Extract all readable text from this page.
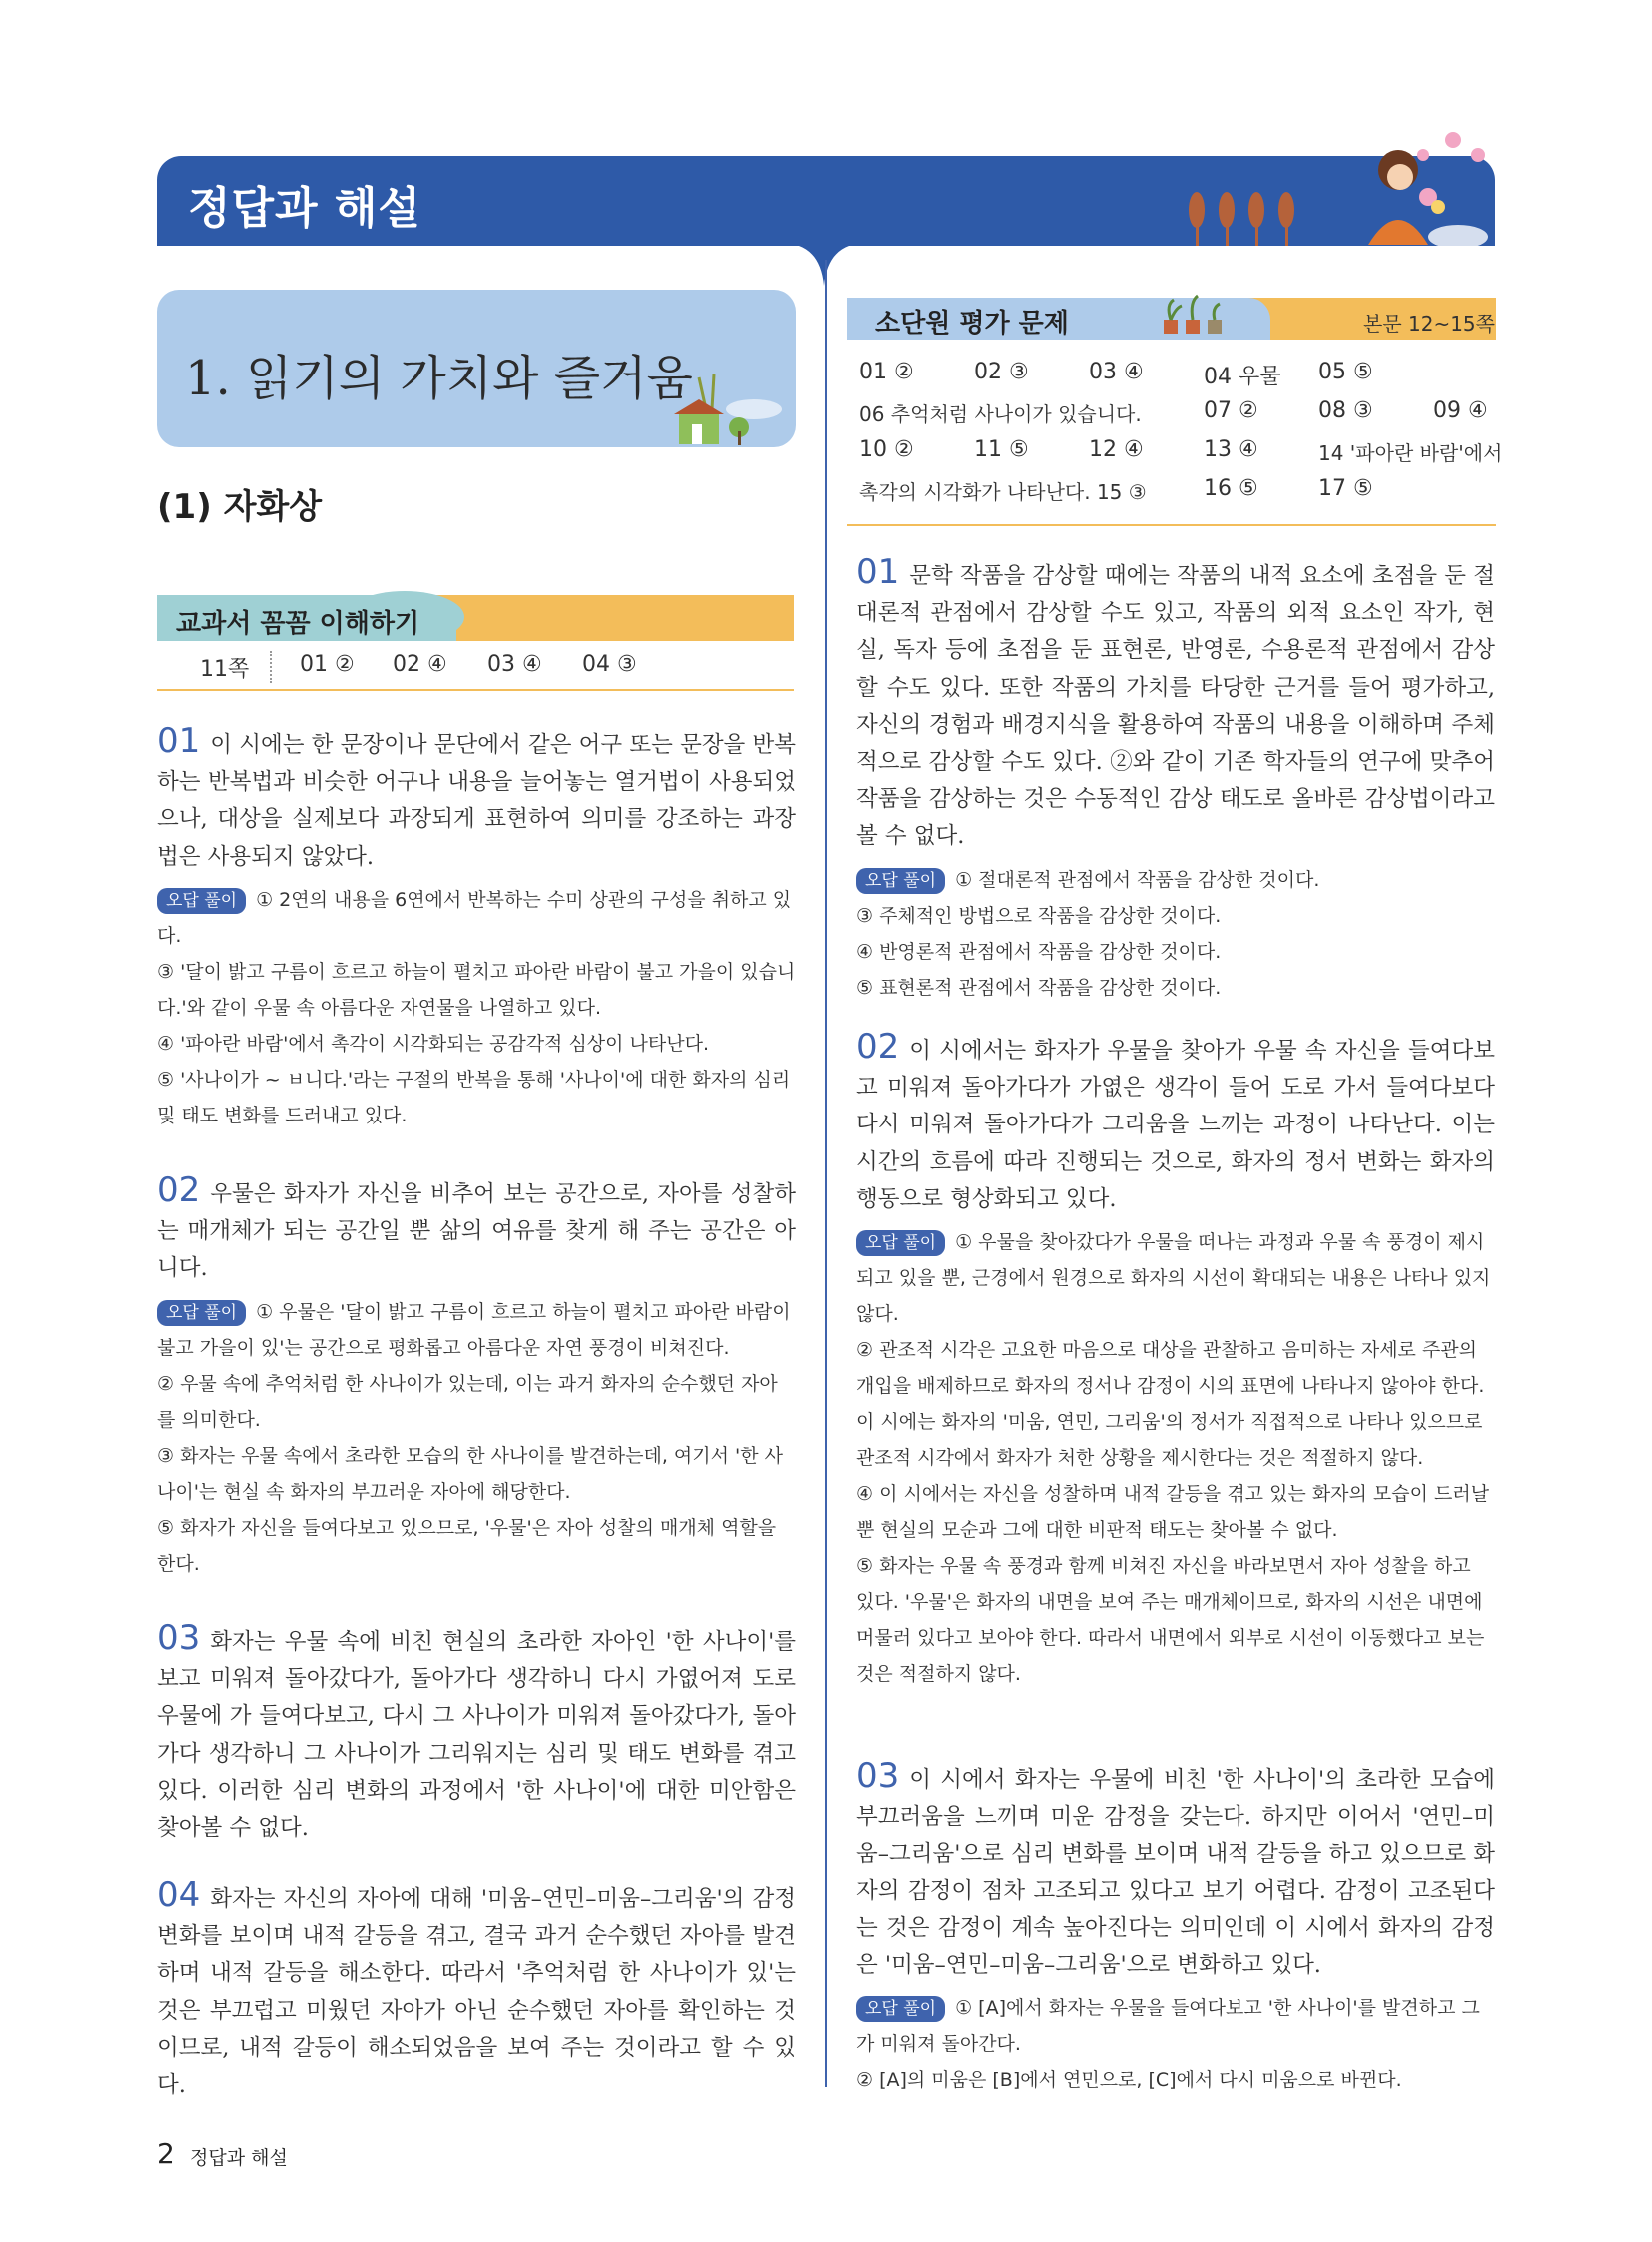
정답과 해설
1. 읽기의 가치와 즐거움
(1) 자화상
교과서 꼼꼼 이해하기
11쪽 01 ② 02 ④ 03 ④ 04 ③
소단원 평가 문제	본문 12~15쪽
01 ②	02 ③	03 ④	04 우물 05 ⑤
06 추억처럼 사나이가 있습니다.	07 ②	08 ③	09 ④
10 ②	11 ⑤	12 ④	13 ④	14 '파아란 바람'에서
촉각의 시각화가 나타난다. 15 ③	16 ⑤	17 ⑤
01 이 시에는 한 문장이나 문단에서 같은 어구 또는 문장을 반복하는 반복법과 비슷한 어구나 내용을 늘어놓는 열거법이 사용되었으나, 대상을 실제보다 과장되게 표현하여 의미를 강조하는 과장법은 사용되지 않았다.
오답 풀이 ① 2연의 내용을 6연에서 반복하는 수미 상관의 구성을 취하고 있다.
③ '달이 밝고 구름이 흐르고 하늘이 펼치고 파아란 바람이 불고 가을이 있습니다.'와 같이 우물 속 아름다운 자연물을 나열하고 있다.
④ '파아란 바람'에서 촉각이 시각화되는 공감각적 심상이 나타난다.
⑤ '사나이가 ~ ㅂ니다.'라는 구절의 반복을 통해 '사나이'에 대한 화자의 심리 및 태도 변화를 드러내고 있다.
02 우물은 화자가 자신을 비추어 보는 공간으로, 자아를 성찰하는 매개체가 되는 공간일 뿐 삶의 여유를 찾게 해 주는 공간은 아니다.
오답 풀이 ① 우물은 '달이 밝고 구름이 흐르고 하늘이 펼치고 파아란 바람이 불고 가을이 있'는 공간으로 평화롭고 아름다운 자연 풍경이 비쳐진다.
② 우물 속에 추억처럼 한 사나이가 있는데, 이는 과거 화자의 순수했던 자아를 의미한다.
③ 화자는 우물 속에서 초라한 모습의 한 사나이를 발견하는데, 여기서 '한 사나이'는 현실 속 화자의 부끄러운 자아에 해당한다.
⑤ 화자가 자신을 들여다보고 있으므로, '우물'은 자아 성찰의 매개체 역할을 한다.
03 화자는 우물 속에 비친 현실의 초라한 자아인 '한 사나이'를 보고 미워져 돌아갔다가, 돌아가다 생각하니 다시 가엾어져 도로 우물에 가 들여다보고, 다시 그 사나이가 미워져 돌아갔다가, 돌아가다 생각하니 그 사나이가 그리워지는 심리 및 태도 변화를 겪고 있다. 이러한 심리 변화의 과정에서 '한 사나이'에 대한 미안함은 찾아볼 수 없다.
04 화자는 자신의 자아에 대해 '미움–연민–미움–그리움'의 감정 변화를 보이며 내적 갈등을 겪고, 결국 과거 순수했던 자아를 발견하며 내적 갈등을 해소한다. 따라서 '추억처럼 한 사나이가 있'는 것은 부끄럽고 미웠던 자아가 아닌 순수했던 자아를 확인하는 것이므로, 내적 갈등이 해소되었음을 보여 주는 것이라고 할 수 있다.
01 문학 작품을 감상할 때에는 작품의 내적 요소에 초점을 둔 절대론적 관점에서 감상할 수도 있고, 작품의 외적 요소인 작가, 현실, 독자 등에 초점을 둔 표현론, 반영론, 수용론적 관점에서 감상할 수도 있다. 또한 작품의 가치를 타당한 근거를 들어 평가하고, 자신의 경험과 배경지식을 활용하여 작품의 내용을 이해하며 주체적으로 감상할 수도 있다. ②와 같이 기존 학자들의 연구에 맞추어 작품을 감상하는 것은 수동적인 감상 태도로 올바른 감상법이라고 볼 수 없다.
오답 풀이 ① 절대론적 관점에서 작품을 감상한 것이다.
③ 주체적인 방법으로 작품을 감상한 것이다.
④ 반영론적 관점에서 작품을 감상한 것이다.
⑤ 표현론적 관점에서 작품을 감상한 것이다.
02 이 시에서는 화자가 우물을 찾아가 우물 속 자신을 들여다보고 미워져 돌아가다가 가엾은 생각이 들어 도로 가서 들여다보다 다시 미워져 돌아가다가 그리움을 느끼는 과정이 나타난다. 이는 시간의 흐름에 따라 진행되는 것으로, 화자의 정서 변화는 화자의 행동으로 형상화되고 있다.
오답 풀이 ① 우물을 찾아갔다가 우물을 떠나는 과정과 우물 속 풍경이 제시되고 있을 뿐, 근경에서 원경으로 화자의 시선이 확대되는 내용은 나타나 있지 않다.
② 관조적 시각은 고요한 마음으로 대상을 관찰하고 음미하는 자세로 주관의 개입을 배제하므로 화자의 정서나 감정이 시의 표면에 나타나지 않아야 한다. 이 시에는 화자의 '미움, 연민, 그리움'의 정서가 직접적으로 나타나 있으므로 관조적 시각에서 화자가 처한 상황을 제시한다는 것은 적절하지 않다.
④ 이 시에서는 자신을 성찰하며 내적 갈등을 겪고 있는 화자의 모습이 드러날 뿐 현실의 모순과 그에 대한 비판적 태도는 찾아볼 수 없다.
⑤ 화자는 우물 속 풍경과 함께 비쳐진 자신을 바라보면서 자아 성찰을 하고 있다. '우물'은 화자의 내면을 보여 주는 매개체이므로, 화자의 시선은 내면에 머물러 있다고 보아야 한다. 따라서 내면에서 외부로 시선이 이동했다고 보는 것은 적절하지 않다.
03 이 시에서 화자는 우물에 비친 '한 사나이'의 초라한 모습에 부끄러움을 느끼며 미운 감정을 갖는다. 하지만 이어서 '연민–미움–그리움'으로 심리 변화를 보이며 내적 갈등을 하고 있으므로 화자의 감정이 점차 고조되고 있다고 보기 어렵다. 감정이 고조된다는 것은 감정이 계속 높아진다는 의미인데 이 시에서 화자의 감정은 '미움–연민–미움–그리움'으로 변화하고 있다.
오답 풀이 ① [A]에서 화자는 우물을 들여다보고 '한 사나이'를 발견하고 그가 미워져 돌아간다.
② [A]의 미움은 [B]에서 연민으로, [C]에서 다시 미움으로 바뀐다.
2 정답과 해설
